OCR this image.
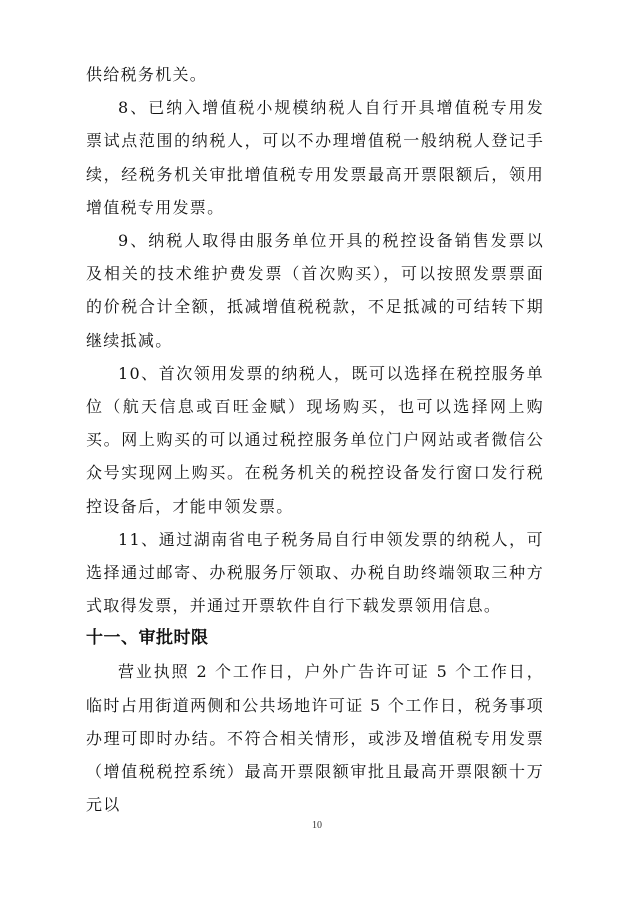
供给税务机关。

8、已纳入增值税小规模纳税人自行开具增值税专用发票试点范围的纳税人，可以不办理增值税一般纳税人登记手续，经税务机关审批增值税专用发票最高开票限额后，领用增值税专用发票。

9、纳税人取得由服务单位开具的税控设备销售发票以及相关的技术维护费发票（首次购买），可以按照发票票面的价税合计全额，抵减增值税税款，不足抵减的可结转下期继续抵减。

10、首次领用发票的纳税人，既可以选择在税控服务单位（航天信息或百旺金赋）现场购买，也可以选择网上购买。网上购买的可以通过税控服务单位门户网站或者微信公众号实现网上购买。在税务机关的税控设备发行窗口发行税控设备后，才能申领发票。

11、通过湖南省电子税务局自行申领发票的纳税人，可选择通过邮寄、办税服务厅领取、办税自助终端领取三种方式取得发票，并通过开票软件自行下载发票领用信息。

十一、审批时限

营业执照 2 个工作日，户外广告许可证 5 个工作日，临时占用街道两侧和公共场地许可证 5 个工作日，税务事项办理可即时办结。不符合相关情形，或涉及增值税专用发票（增值税税控系统）最高开票限额审批且最高开票限额十万元以

10
